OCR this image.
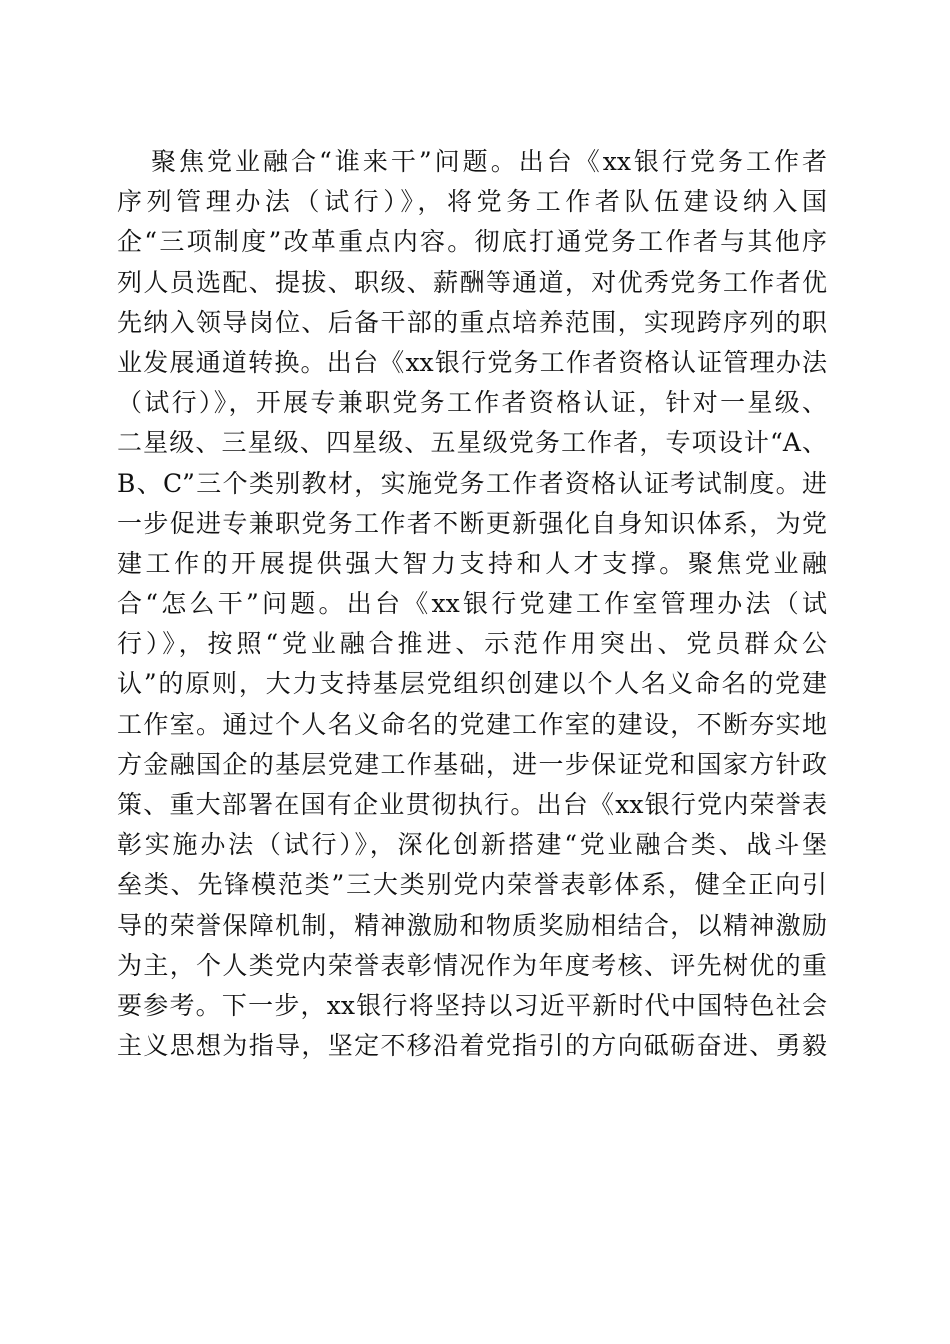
聚焦党业融合“谁来干”问题。出台《xx银行党务工作者
序列管理办法（试行）》，将党务工作者队伍建设纳入国
企“三项制度”改革重点内容。彻底打通党务工作者与其他序
列人员选配、提拔、职级、薪酬等通道，对优秀党务工作者优
先纳入领导岗位、后备干部的重点培养范围，实现跨序列的职
业发展通道转换。出台《xx银行党务工作者资格认证管理办法
（试行）》，开展专兼职党务工作者资格认证，针对一星级、
二星级、三星级、四星级、五星级党务工作者，专项设计“A、
B、C”三个类别教材，实施党务工作者资格认证考试制度。进
一步促进专兼职党务工作者不断更新强化自身知识体系，为党
建工作的开展提供强大智力支持和人才支撑。聚焦党业融
合“怎么干”问题。出台《xx银行党建工作室管理办法（试
行）》，按照“党业融合推进、示范作用突出、党员群众公
认”的原则，大力支持基层党组织创建以个人名义命名的党建
工作室。通过个人名义命名的党建工作室的建设，不断夯实地
方金融国企的基层党建工作基础，进一步保证党和国家方针政
策、重大部署在国有企业贯彻执行。出台《xx银行党内荣誉表
彰实施办法（试行）》，深化创新搭建“党业融合类、战斗堡
垒类、先锋模范类”三大类别党内荣誉表彰体系，健全正向引
导的荣誉保障机制，精神激励和物质奖励相结合，以精神激励
为主，个人类党内荣誉表彰情况作为年度考核、评先树优的重
要参考。下一步，xx银行将坚持以习近平新时代中国特色社会
主义思想为指导，坚定不移沿着党指引的方向砥砺奋进、勇毅
